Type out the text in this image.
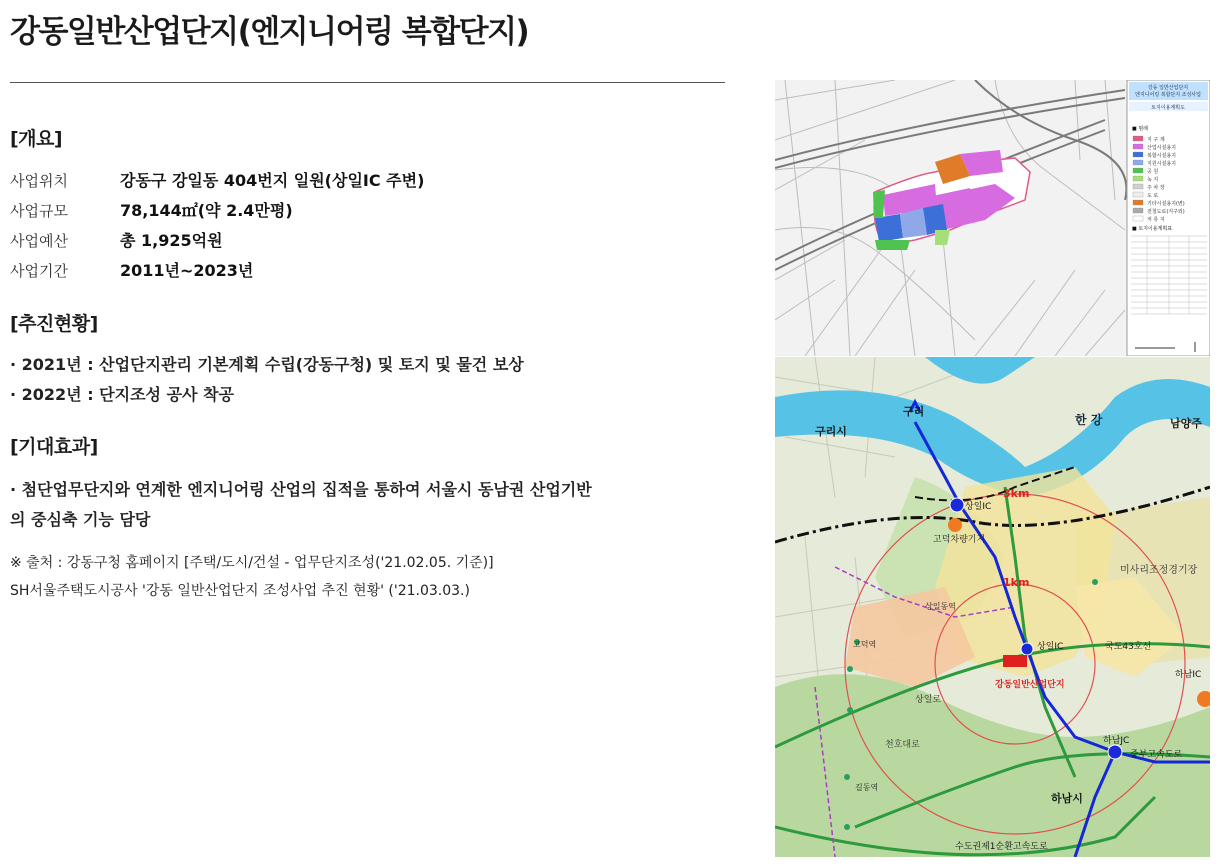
강동일반산업단지(엔지니어링 복합단지)
[개요]
사업위치	강동구 강일동 404번지 일원(상일IC 주변)
사업규모	78,144㎡(약 2.4만평)
사업예산	총 1,925억원
사업기간	2011년~2023년
[추진현황]
· 2021년 : 산업단지관리 기본계획 수립(강동구청) 및 토지 및 물건 보상
· 2022년 : 단지조성 공사 착공
[기대효과]
· 첨단업무단지와 연계한 엔지니어링 산업의 집적을 통하여 서울시 동남권 산업기반
의 중심축 기능 담당
※ 출처 : 강동구청 홈페이지 [주택/도시/건설 - 업무단지조성('21.02.05. 기준)]
SH서울주택도시공사 '강동 일반산업단지 조성사업 추진 현황' ('21.03.03.)
강동 일반산업단지
엔지니어링 복합단지 조성사업
토지이용계획도
■ 범례
지 구 계
산업시설용지
복합시설용지
지원시설용지
공 원
녹 지
주 차 장
도 로
기타시설용지(변)
전철도로(지구외)
저 류 지
■ 토지이용계획표
구리
구리시
한 강	남양주
상일IC
고덕차량기지
3km
1km
미사리조정경기장
상일IC
강동일반산업단지
국도43호선
하남JC
중부고속도로
하남시
수도권제1순환고속도로
하남IC
고덕역
상일동역
상일로
천호대로
길동역
